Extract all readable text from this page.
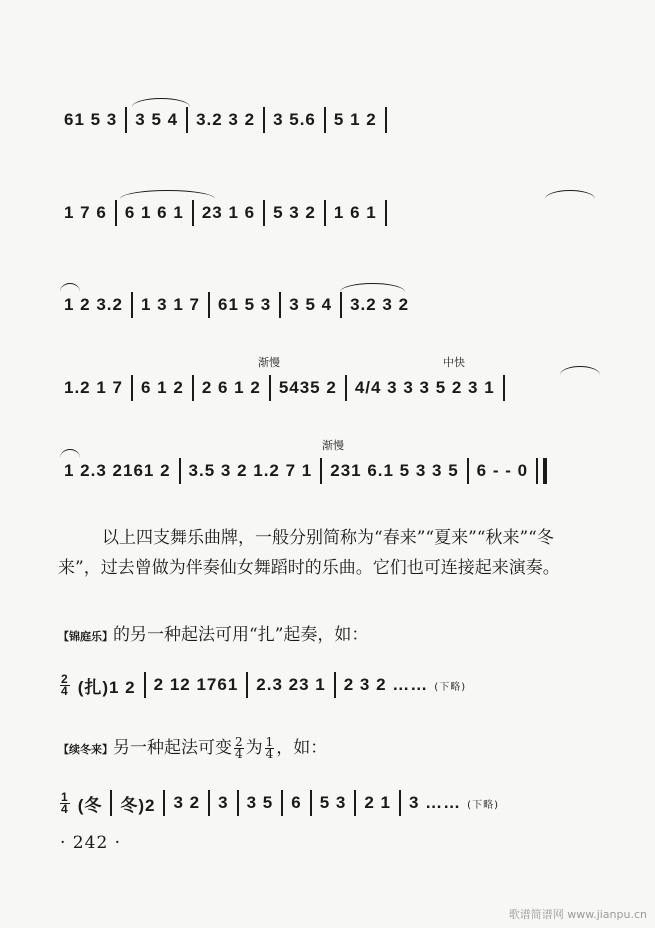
61 5 3	3 5 4	3.2 3 2	3 5.6	5 1 2
1 7 6	6 1 6 1	23 1 6	5 3 2	1 6 1
1 2 3.2	1 3 1 7	61 5 3	3 5 4	3.2 3 2
渐慢	中快
1.2 1 7	6 1 2	2 6 1 2	5435 2	4/4 3 3 3 5 2 3 1
渐慢
1 2.3 2161 2	3.5 3 2 1.2 7 1	231 6.1 5 3 3 5	6 - - 0
以上四支舞乐曲牌，一般分别简称为“春来”“夏来”“秋来”“冬来”，过去曾做为伴奏仙女舞蹈时的乐曲。它们也可连接起来演奏。
【锦庭乐】的另一种起法可用“扎”起奏，如：
$\frac{2}{4}$ (扎)1 2	2 12 1761	2.3 23 1	2 3 2 …… (下略)
【续冬来】另一种起法可变 $\frac{2}{4}$ 为 $\frac{1}{4}$ ，如：
$\frac{1}{4}$ (冬	冬)2	3 2	3	3 5	6	5 3	2 1	3 …… (下略)
· 242 ·
歌谱简谱网 www.jianpu.cn
